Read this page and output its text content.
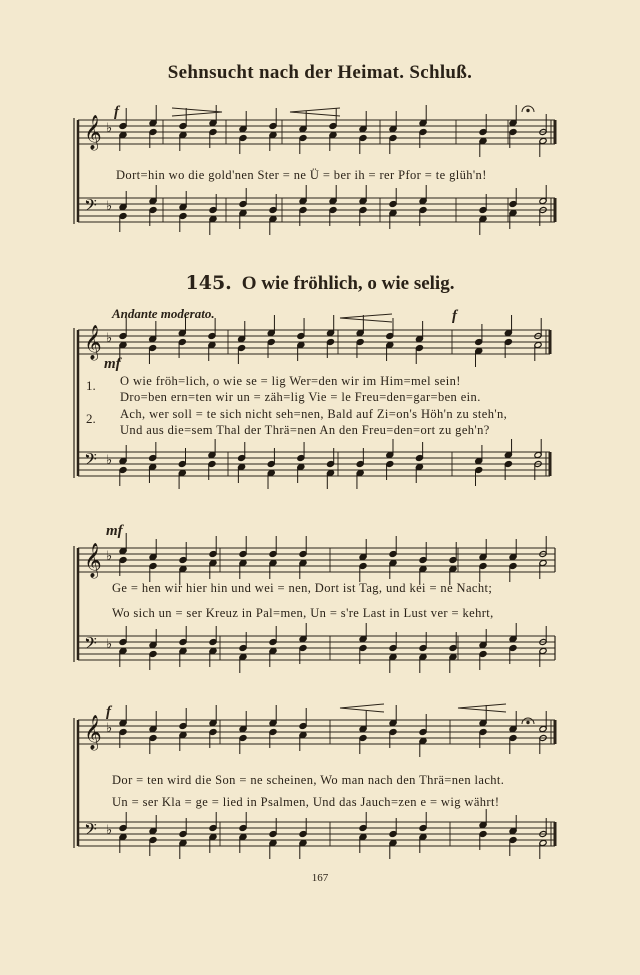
Sehnsucht nach der Heimat. Schluß.
145. O wie fröhlich, o wie selig.
Andante moderato.
f
f
mf
mf
f
𝄞 ♭
𝄢 ♭
𝄞 ♭
𝄢 ♭
𝄞 ♭
𝄢 ♭
𝄞 ♭
𝄢 ♭
Dort=hin wo die gold'nen Ster = ne Ü = ber ih = rer Pfor = te glüh'n!
1. O wie fröh=lich, o wie se = lig Wer=den wir im Him=mel sein!
Dro=ben ern=ten wir un = zäh=lig Vie = le Freu=den=gar=ben ein.
2. Ach, wer soll = te sich nicht seh=nen, Bald auf Zi=on's Höh'n zu steh'n,
Und aus die=sem Thal der Thrä=nen An den Freu=den=ort zu geh'n?
Ge = hen wir hier hin und wei = nen, Dort ist Tag, und kei = ne Nacht;
Wo sich un = ser Kreuz in Pal=men, Un = s're Last in Lust ver = kehrt,
Dor = ten wird die Son = ne scheinen, Wo man nach den Thrä=nen lacht.
Un = ser Kla = ge = lied in Psalmen, Und das Jauch=zen e = wig währt!
167
